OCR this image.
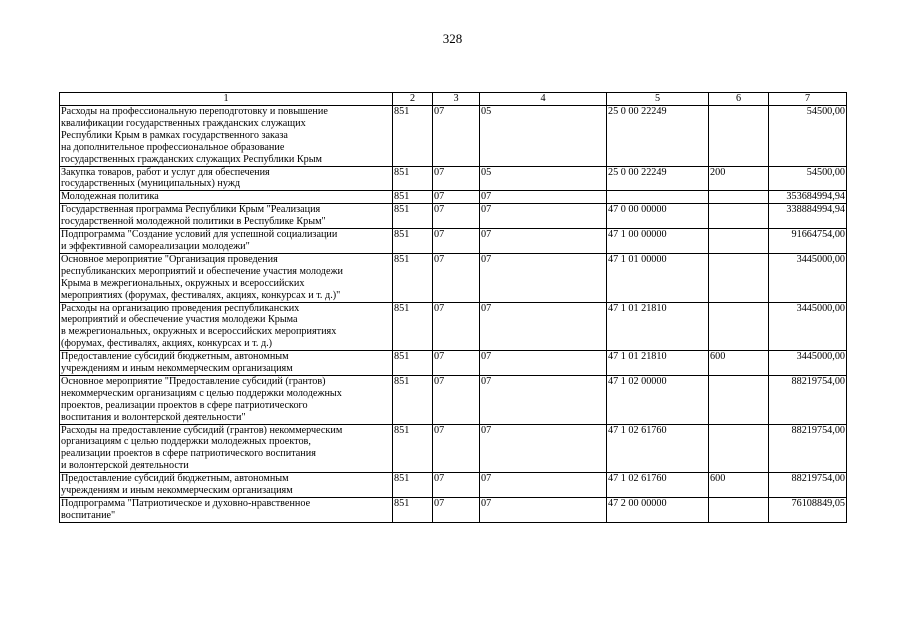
328
1	2	3	4	5	6	7
Расходы на профессиональную переподготовку и повышение
квалификации государственных гражданских служащих
Республики Крым в рамках государственного заказа
на дополнительное профессиональное образование
государственных гражданских служащих Республики Крым	851	07	05	25 0 00 22249		54500,00
Закупка товаров, работ и услуг для обеспечения
государственных (муниципальных) нужд	851	07	05	25 0 00 22249	200	54500,00
Молодежная политика	851	07	07			353684994,94
Государственная программа Республики Крым "Реализация
государственной молодежной политики в Республике Крым"	851	07	07	47 0 00 00000		338884994,94
Подпрограмма "Создание условий для успешной социализации
и эффективной самореализации молодежи"	851	07	07	47 1 00 00000		91664754,00
Основное мероприятие "Организация проведения
республиканских мероприятий и обеспечение участия молодежи
Крыма в межрегиональных, окружных и всероссийских
мероприятиях (форумах, фестивалях, акциях, конкурсах и т. д.)"	851	07	07	47 1 01 00000		3445000,00
Расходы на организацию проведения республиканских
мероприятий и обеспечение участия молодежи Крыма
в межрегиональных, окружных и всероссийских мероприятиях
(форумах, фестивалях, акциях, конкурсах и т. д.)	851	07	07	47 1 01 21810		3445000,00
Предоставление субсидий бюджетным, автономным
учреждениям и иным некоммерческим организациям	851	07	07	47 1 01 21810	600	3445000,00
Основное мероприятие "Предоставление субсидий (грантов)
некоммерческим организациям с целью поддержки молодежных
проектов, реализации проектов в сфере патриотического
воспитания и волонтерской деятельности"	851	07	07	47 1 02 00000		88219754,00
Расходы на предоставление субсидий (грантов) некоммерческим
организациям с целью поддержки молодежных проектов,
реализации проектов в сфере патриотического воспитания
и волонтерской деятельности	851	07	07	47 1 02 61760		88219754,00
Предоставление субсидий бюджетным, автономным
учреждениям и иным некоммерческим организациям	851	07	07	47 1 02 61760	600	88219754,00
Подпрограмма "Патриотическое и духовно-нравственное
воспитание"	851	07	07	47 2 00 00000		76108849,05
